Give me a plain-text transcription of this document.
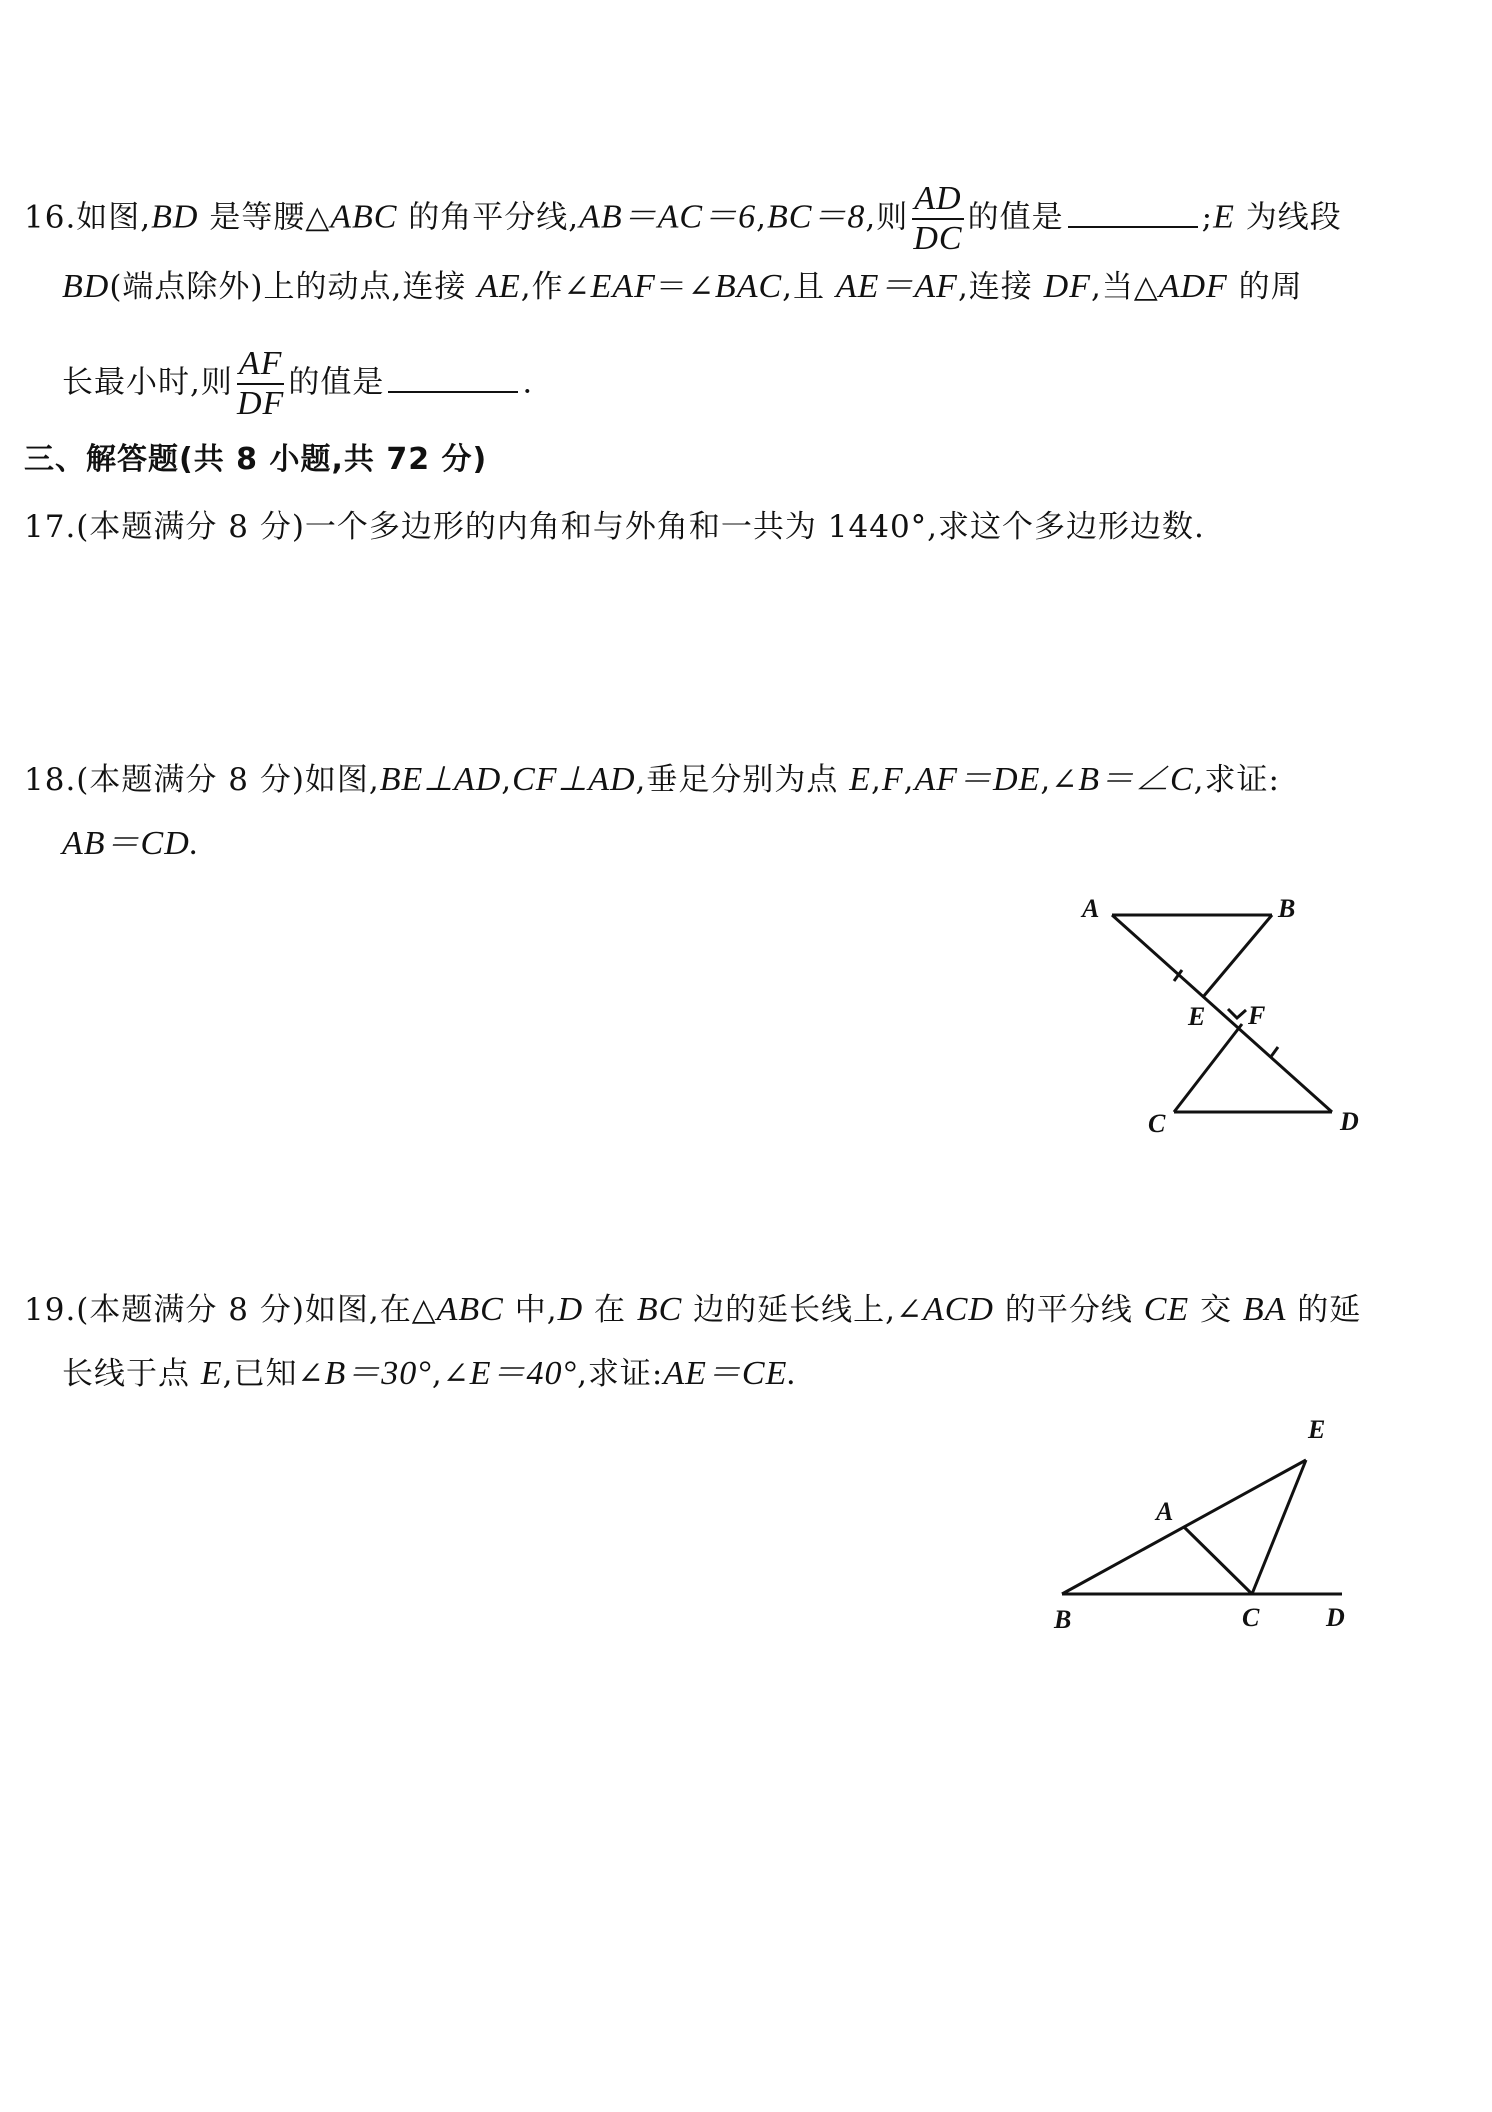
16.如图,BD 是等腰△ABC 的角平分线,AB＝AC＝6,BC＝8,则 $\frac{AD}{DC}$ 的值是	;E 为线段
BD(端点除外)上的动点,连接 AE,作∠EAF＝∠BAC,且 AE＝AF,连接 DF,当△ADF 的周
长最小时,则 $\frac{AF}{DF}$ 的值是	.
三、解答题(共 8 小题,共 72 分)
17.(本题满分 8 分)一个多边形的内角和与外角和一共为 1440°,求这个多边形边数.
18.(本题满分 8 分)如图,BE⊥AD,CF⊥AD,垂足分别为点 E,F,AF＝DE,∠B＝∠C,求证:
AB＝CD.
A	B
E F
C	D
19.(本题满分 8 分)如图,在△ABC 中,D 在 BC 边的延长线上,∠ACD 的平分线 CE 交 BA 的延
长线于点 E,已知∠B＝30°,∠E＝40°,求证:AE＝CE.
E
A
B	C	D
